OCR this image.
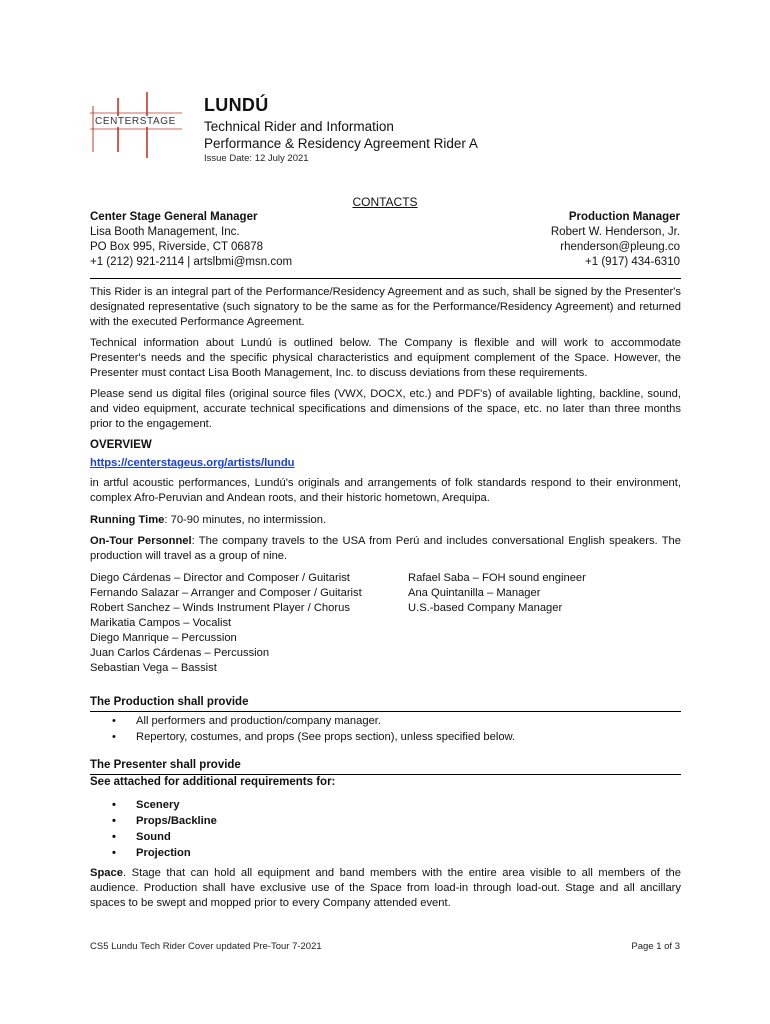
CENTERSTAGE
LUNDÚ
Technical Rider and Information
Performance & Residency Agreement Rider A
Issue Date: 12 July 2021
CONTACTS
Center Stage General Manager
Lisa Booth Management, Inc.
PO Box 995, Riverside, CT 06878
+1 (212) 921-2114 | artslbmi@msn.com
Production Manager
Robert W. Henderson, Jr.
rhenderson@pleung.co
+1 (917) 434-6310
This Rider is an integral part of the Performance/Residency Agreement and as such, shall be signed by the Presenter's designated representative (such signatory to be the same as for the Performance/Residency Agreement) and returned with the executed Performance Agreement.
Technical information about Lundú is outlined below. The Company is flexible and will work to accommodate Presenter's needs and the specific physical characteristics and equipment complement of the Space. However, the Presenter must contact Lisa Booth Management, Inc. to discuss deviations from these requirements.
Please send us digital files (original source files (VWX, DOCX, etc.) and PDF's) of available lighting, backline, sound, and video equipment, accurate technical specifications and dimensions of the space, etc. no later than three months prior to the engagement.
OVERVIEW
https://centerstageus.org/artists/lundu
in artful acoustic performances, Lundú's originals and arrangements of folk standards respond to their environment, complex Afro-Peruvian and Andean roots, and their historic hometown, Arequipa.
Running Time: 70-90 minutes, no intermission.
On-Tour Personnel: The company travels to the USA from Perú and includes conversational English speakers. The production will travel as a group of nine.
Diego Cárdenas – Director and Composer / Guitarist
Fernando Salazar – Arranger and Composer / Guitarist
Robert Sanchez – Winds Instrument Player / Chorus
Marikatia Campos – Vocalist
Diego Manrique – Percussion
Juan Carlos Cárdenas – Percussion
Sebastian Vega – Bassist
Rafael Saba – FOH sound engineer
Ana Quintanilla – Manager
U.S.-based Company Manager
The Production shall provide
• All performers and production/company manager.
• Repertory, costumes, and props (See props section), unless specified below.
The Presenter shall provide
See attached for additional requirements for:
• Scenery
• Props/Backline
• Sound
• Projection
Space. Stage that can hold all equipment and band members with the entire area visible to all members of the audience. Production shall have exclusive use of the Space from load-in through load-out. Stage and all ancillary spaces to be swept and mopped prior to every Company attended event.
CS5 Lundu Tech Rider Cover updated Pre-Tour 7-2021	Page 1 of 3
